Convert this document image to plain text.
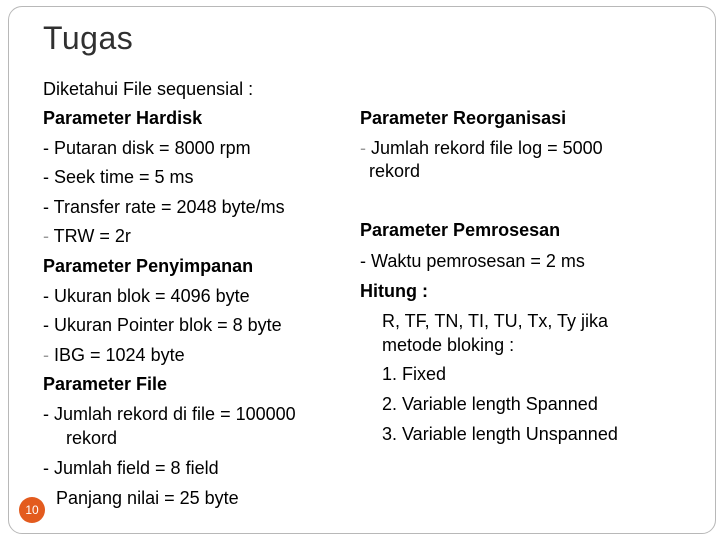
Tugas
Diketahui File sequensial :
Parameter Hardisk
- Putaran disk = 8000 rpm
- Seek time = 5 ms
- Transfer rate = 2048 byte/ms
- TRW = 2r
Parameter Penyimpanan
- Ukuran blok = 4096 byte
- Ukuran Pointer blok = 8 byte
- IBG = 1024 byte
Parameter File
- Jumlah rekord di file = 100000
rekord
- Jumlah field = 8 field
Panjang nilai = 25 byte
Parameter Reorganisasi
- Jumlah rekord file log = 5000
rekord
Parameter Pemrosesan
- Waktu pemrosesan = 2 ms
Hitung :
R, TF, TN, TI, TU, Tx, Ty jika
metode bloking :
1. Fixed
2. Variable length Spanned
3. Variable length Unspanned
10
